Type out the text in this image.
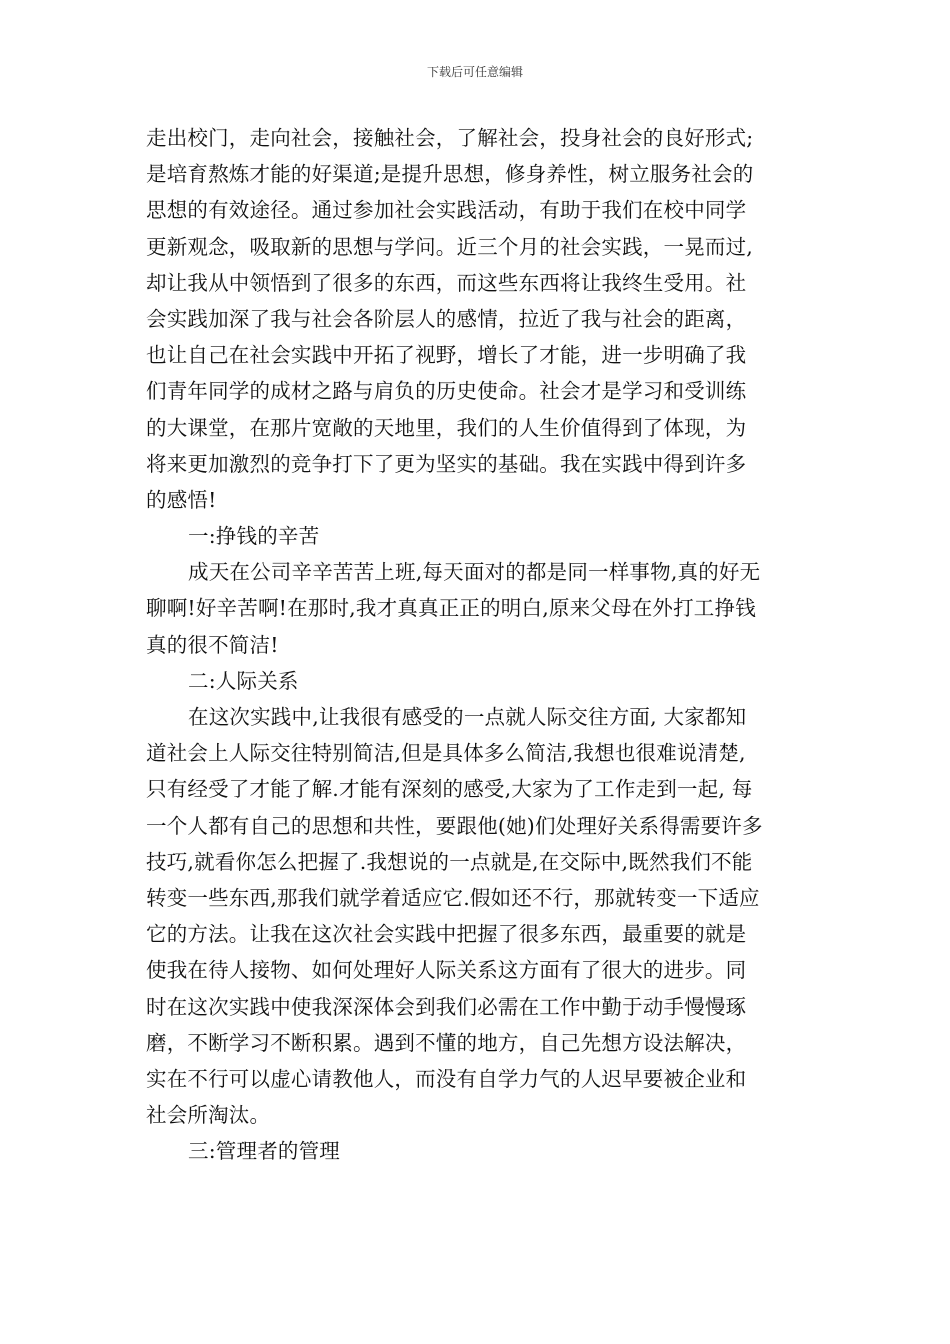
下载后可任意编辑
走出校门，走向社会，接触社会，了解社会，投身社会的良好形式;
是培育熬炼才能的好渠道;是提升思想，修身养性，树立服务社会的
思想的有效途径。通过参加社会实践活动，有助于我们在校中同学
更新观念，吸取新的思想与学问。近三个月的社会实践，一晃而过,
却让我从中领悟到了很多的东西，而这些东西将让我终生受用。社
会实践加深了我与社会各阶层人的感情，拉近了我与社会的距离，
也让自己在社会实践中开拓了视野，增长了才能，进一步明确了我
们青年同学的成材之路与肩负的历史使命。社会才是学习和受训练
的大课堂，在那片宽敞的天地里，我们的人生价值得到了体现，为
将来更加激烈的竞争打下了更为坚实的基础。我在实践中得到许多
的感悟!
一:挣钱的辛苦
成天在公司辛辛苦苦上班,每天面对的都是同一样事物,真的好无
聊啊!好辛苦啊!在那时,我才真真正正的明白,原来父母在外打工挣钱
真的很不简洁!
二:人际关系
在这次实践中,让我很有感受的一点就人际交往方面, 大家都知
道社会上人际交往特别简洁,但是具体多么简洁,我想也很难说清楚,
只有经受了才能了解.才能有深刻的感受,大家为了工作走到一起, 每
一个人都有自己的思想和共性，要跟他(她)们处理好关系得需要许多
技巧,就看你怎么把握了.我想说的一点就是,在交际中,既然我们不能
转变一些东西,那我们就学着适应它.假如还不行，那就转变一下适应
它的方法。让我在这次社会实践中把握了很多东西，最重要的就是
使我在待人接物、如何处理好人际关系这方面有了很大的进步。同
时在这次实践中使我深深体会到我们必需在工作中勤于动手慢慢琢
磨，不断学习不断积累。遇到不懂的地方，自己先想方设法解决，
实在不行可以虚心请教他人，而没有自学力气的人迟早要被企业和
社会所淘汰。
三:管理者的管理
